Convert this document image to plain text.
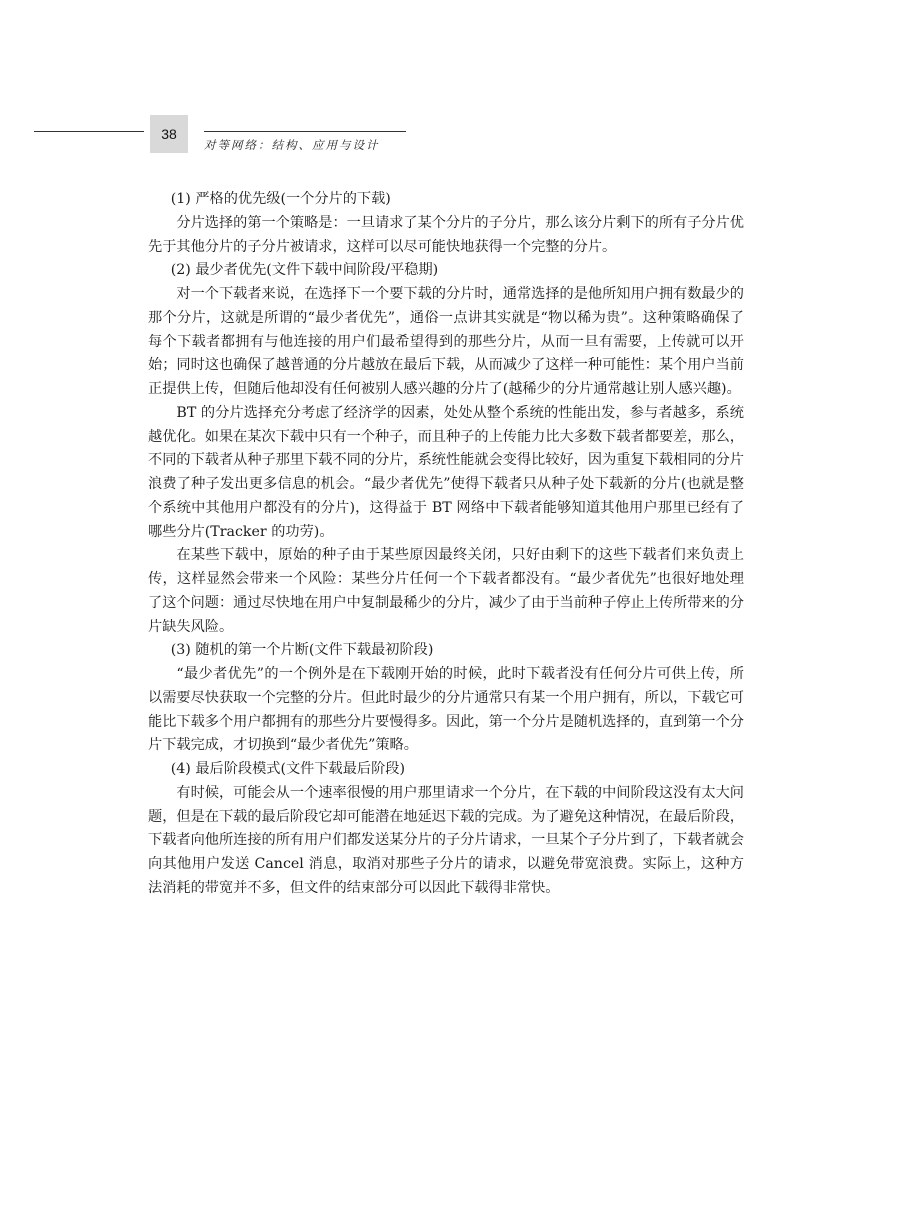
38
对等网络：结构、应用与设计

(1) 严格的优先级(一个分片的下载)

分片选择的第一个策略是：一旦请求了某个分片的子分片，那么该分片剩下的所有子分片优先于其他分片的子分片被请求，这样可以尽可能快地获得一个完整的分片。

(2) 最少者优先(文件下载中间阶段/平稳期)

对一个下载者来说，在选择下一个要下载的分片时，通常选择的是他所知用户拥有数最少的那个分片，这就是所谓的“最少者优先”，通俗一点讲其实就是“物以稀为贵”。这种策略确保了每个下载者都拥有与他连接的用户们最希望得到的那些分片，从而一旦有需要，上传就可以开始；同时这也确保了越普通的分片越放在最后下载，从而减少了这样一种可能性：某个用户当前正提供上传，但随后他却没有任何被别人感兴趣的分片了(越稀少的分片通常越让别人感兴趣)。

BT 的分片选择充分考虑了经济学的因素，处处从整个系统的性能出发，参与者越多，系统越优化。如果在某次下载中只有一个种子，而且种子的上传能力比大多数下载者都要差，那么，不同的下载者从种子那里下载不同的分片，系统性能就会变得比较好，因为重复下载相同的分片浪费了种子发出更多信息的机会。“最少者优先”使得下载者只从种子处下载新的分片(也就是整个系统中其他用户都没有的分片)，这得益于 BT 网络中下载者能够知道其他用户那里已经有了哪些分片(Tracker 的功劳)。

在某些下载中，原始的种子由于某些原因最终关闭，只好由剩下的这些下载者们来负责上传，这样显然会带来一个风险：某些分片任何一个下载者都没有。“最少者优先”也很好地处理了这个问题：通过尽快地在用户中复制最稀少的分片，减少了由于当前种子停止上传所带来的分片缺失风险。

(3) 随机的第一个片断(文件下载最初阶段)

“最少者优先”的一个例外是在下载刚开始的时候，此时下载者没有任何分片可供上传，所以需要尽快获取一个完整的分片。但此时最少的分片通常只有某一个用户拥有，所以，下载它可能比下载多个用户都拥有的那些分片要慢得多。因此，第一个分片是随机选择的，直到第一个分片下载完成，才切换到“最少者优先”策略。

(4) 最后阶段模式(文件下载最后阶段)

有时候，可能会从一个速率很慢的用户那里请求一个分片，在下载的中间阶段这没有太大问题，但是在下载的最后阶段它却可能潜在地延迟下载的完成。为了避免这种情况，在最后阶段，下载者向他所连接的所有用户们都发送某分片的子分片请求，一旦某个子分片到了，下载者就会向其他用户发送 Cancel 消息，取消对那些子分片的请求，以避免带宽浪费。实际上，这种方法消耗的带宽并不多，但文件的结束部分可以因此下载得非常快。
